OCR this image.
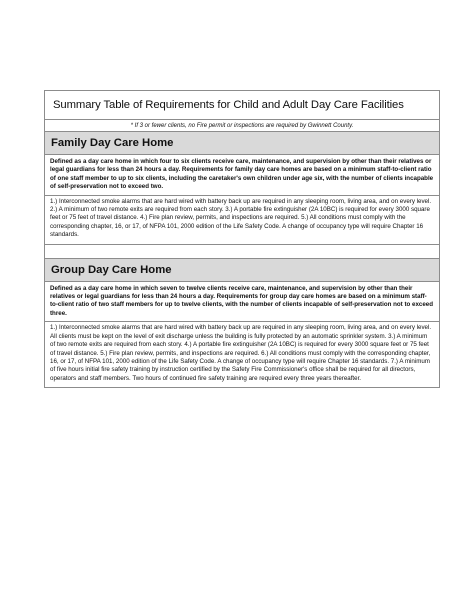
Summary Table of Requirements for Child and Adult Day Care Facilities
* If 3 or fewer clients, no Fire permit or inspections are required by Gwinnett County.
Family Day Care Home
Defined as a day care home in which four to six clients receive care, maintenance, and supervision by other than their relatives or legal guardians for less than 24 hours a day. Requirements for family day care homes are based on a minimum staff-to-client ratio of one staff member to up to six clients, including the caretaker's own children under age six, with the number of clients incapable of self-preservation not to exceed two.
1.) Interconnected smoke alarms that are hard wired with battery back up are required in any sleeping room, living area, and on every level. 2.) A minimum of two remote exits are required from each story. 3.) A portable fire extinguisher (2A 10BC) is required for every 3000 square feet or 75 feet of travel distance. 4.) Fire plan review, permits, and inspections are required. 5.) All conditions must comply with the corresponding chapter, 16, or 17, of NFPA 101, 2000 edition of the Life Safety Code. A change of occupancy type will require Chapter 16 standards.
Group Day Care Home
Defined as a day care home in which seven to twelve clients receive care, maintenance, and supervision by other than their relatives or legal guardians for less than 24 hours a day. Requirements for group day care homes are based on a minimum staff-to-client ratio of two staff members for up to twelve clients, with the number of clients incapable of self-preservation not to exceed three.
1.) Interconnected smoke alarms that are hard wired with battery back up are required in any sleeping room, living area, and on every level. All clients must be kept on the level of exit discharge unless the building is fully protected by an automatic sprinkler system. 3.) A minimum of two remote exits are required from each story. 4.) A portable fire extinguisher (2A 10BC) is required for every 3000 square feet or 75 feet of travel distance. 5.) Fire plan review, permits, and inspections are required. 6.) All conditions must comply with the corresponding chapter, 16, or 17, of NFPA 101, 2000 edition of the Life Safety Code. A change of occupancy type will require Chapter 16 standards. 7.) A minimum of five hours initial fire safety training by instruction certified by the Safety Fire Commissioner's office shall be required for all directors, operators and staff members. Two hours of continued fire safety training are required every three years thereafter.
